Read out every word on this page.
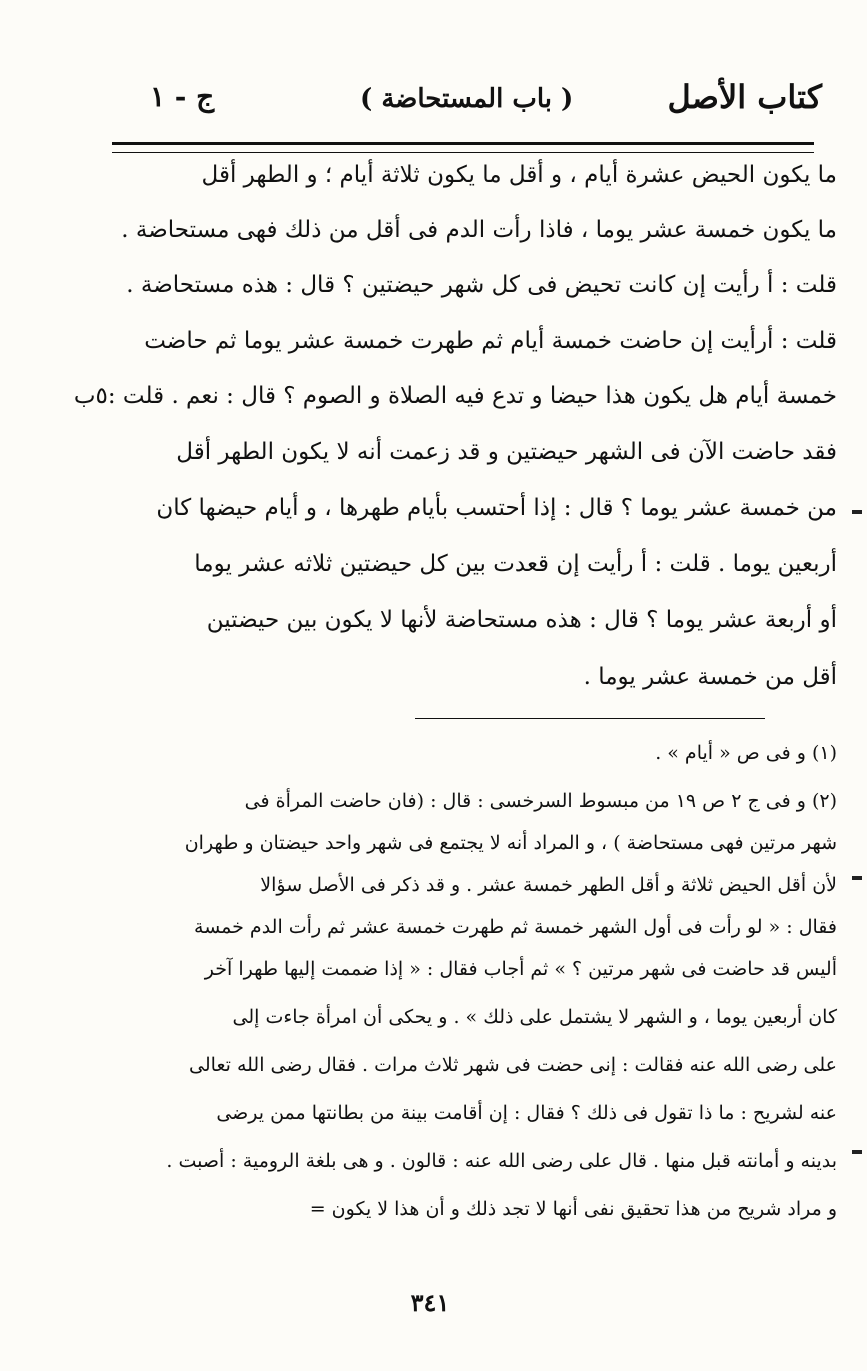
كتاب الأصل
( باب المستحاضة )
ج - ١
ما يكون الحيض عشرة أيام ، و أقل ما يكون ثلاثة أيام ؛ و الطهر أقل
ما يكون خمسة عشر يوما ، فاذا رأت الدم فى أقل من ذلك فهى مستحاضة .
قلت : أ رأيت إن كانت تحيض فى كل شهر حيضتين ؟ قال : هذه مستحاضة .
قلت : أرأيت إن حاضت خمسة أيام ثم طهرت خمسة عشر يوما ثم حاضت
خمسة أيام هل يكون هذا حيضا و تدع فيه الصلاة و الصوم ؟ قال : نعم . قلت :٥ب
فقد حاضت الآن فى الشهر حيضتين و قد زعمت أنه لا يكون الطهر أقل
من خمسة عشر يوما ؟ قال : إذا أحتسب بأيام طهرها ، و أيام حيضها كان
أربعين يوما . قلت : أ رأيت إن قعدت بين كل حيضتين ثلاثه عشر يوما
أو أربعة عشر يوما ؟ قال : هذه مستحاضة لأنها لا يكون بين حيضتين
أقل من خمسة عشر يوما .
(١) و فى ص « أيام » .
(٢) و فى ج ٢ ص ١٩ من مبسوط السرخسى : قال : (فان حاضت المرأة فى
شهر مرتين فهى مستحاضة ) ، و المراد أنه لا يجتمع فى شهر واحد حيضتان و طهران
لأن أقل الحيض ثلاثة و أقل الطهر خمسة عشر . و قد ذكر فى الأصل سؤالا
فقال : « لو رأت فى أول الشهر خمسة ثم طهرت خمسة عشر ثم رأت الدم خمسة
أليس قد حاضت فى شهر مرتين ؟ » ثم أجاب فقال : « إذا ضممت إليها طهرا آخر
كان أربعين يوما ، و الشهر لا يشتمل على ذلك » . و يحكى أن امرأة جاءت إلى
على رضى الله عنه فقالت : إنى حضت فى شهر ثلاث مرات . فقال رضى الله تعالى
عنه لشريح : ما ذا تقول فى ذلك ؟ فقال : إن أقامت بينة من بطانتها ممن يرضى
بدينه و أمانته قبل منها . قال على رضى الله عنه : قالون . و هى بلغة الرومية : أصبت .
و مراد شريح من هذا تحقيق نفى أنها لا تجد ذلك و أن هذا لا يكون =
٣٤١
